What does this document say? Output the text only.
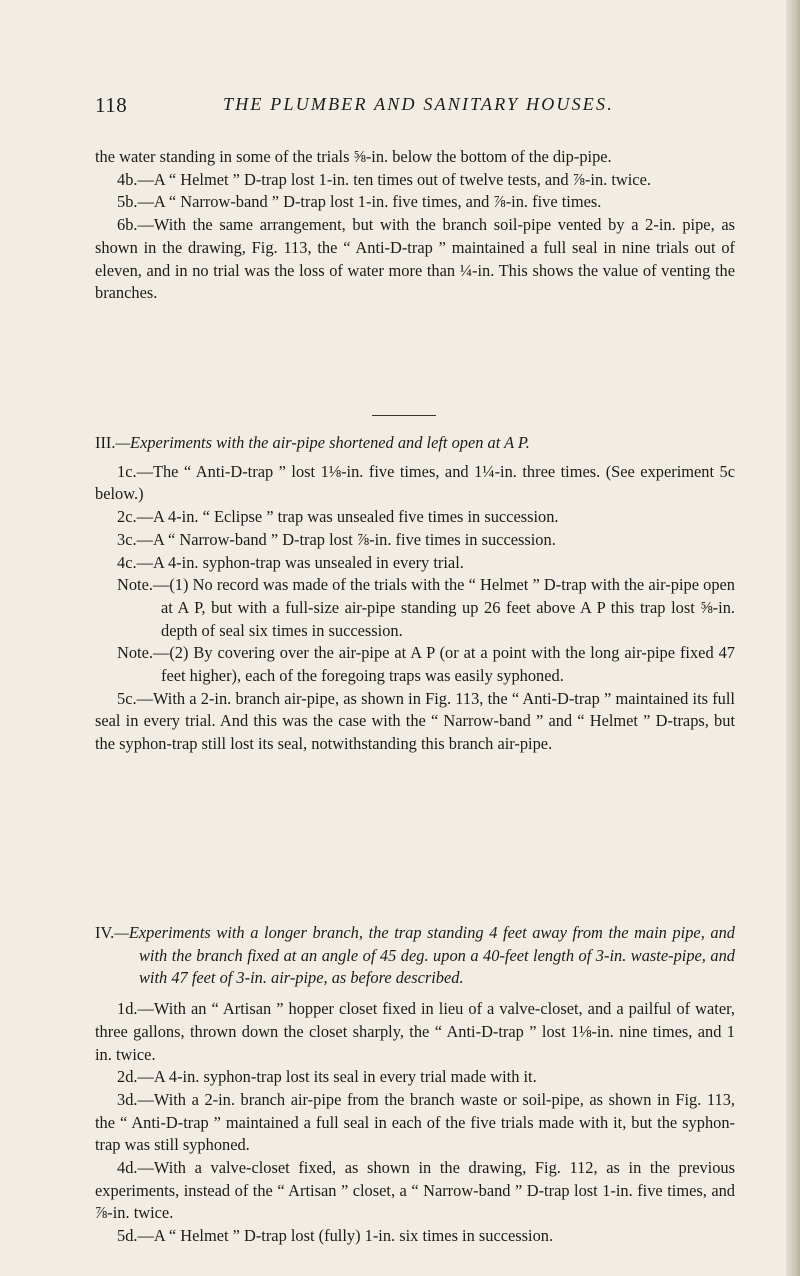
118	THE PLUMBER AND SANITARY HOUSES.

the water standing in some of the trials ⅝-in. below the bottom of the dip-pipe.

4b.—A “ Helmet ” D-trap lost 1-in. ten times out of twelve tests, and ⅞-in. twice.

5b.—A “ Narrow-band ” D-trap lost 1-in. five times, and ⅞-in. five times.

6b.—With the same arrangement, but with the branch soil-pipe vented by a 2-in. pipe, as shown in the drawing, Fig. 113, the “ Anti-D-trap ” maintained a full seal in nine trials out of eleven, and in no trial was the loss of water more than ¼-in. This shows the value of venting the branches.

III.—Experiments with the air-pipe shortened and left open at A P.

1c.—The “ Anti-D-trap ” lost 1⅛-in. five times, and 1¼-in. three times. (See experiment 5c below.)

2c.—A 4-in. “ Eclipse ” trap was unsealed five times in succession.

3c.—A “ Narrow-band ” D-trap lost ⅞-in. five times in succession.

4c.—A 4-in. syphon-trap was unsealed in every trial.

Note.—(1) No record was made of the trials with the “ Helmet ” D-trap with the air-pipe open at A P, but with a full-size air-pipe standing up 26 feet above A P this trap lost ⅝-in. depth of seal six times in succession.

Note.—(2) By covering over the air-pipe at A P (or at a point with the long air-pipe fixed 47 feet higher), each of the foregoing traps was easily syphoned.

5c.—With a 2-in. branch air-pipe, as shown in Fig. 113, the “ Anti-D-trap ” maintained its full seal in every trial. And this was the case with the “ Narrow-band ” and “ Helmet ” D-traps, but the syphon-trap still lost its seal, notwithstanding this branch air-pipe.

IV.—Experiments with a longer branch, the trap standing 4 feet away from the main pipe, and with the branch fixed at an angle of 45 deg. upon a 40-feet length of 3-in. waste-pipe, and with 47 feet of 3-in. air-pipe, as before described.

1d.—With an “ Artisan ” hopper closet fixed in lieu of a valve-closet, and a pailful of water, three gallons, thrown down the closet sharply, the “ Anti-D-trap ” lost 1⅛-in. nine times, and 1 in. twice.

2d.—A 4-in. syphon-trap lost its seal in every trial made with it.

3d.—With a 2-in. branch air-pipe from the branch waste or soil-pipe, as shown in Fig. 113, the “ Anti-D-trap ” maintained a full seal in each of the five trials made with it, but the syphon-trap was still syphoned.

4d.—With a valve-closet fixed, as shown in the drawing, Fig. 112, as in the previous experiments, instead of the “ Artisan ” closet, a “ Narrow-band ” D-trap lost 1-in. five times, and ⅞-in. twice.

5d.—A “ Helmet ” D-trap lost (fully) 1-in. six times in succession.
